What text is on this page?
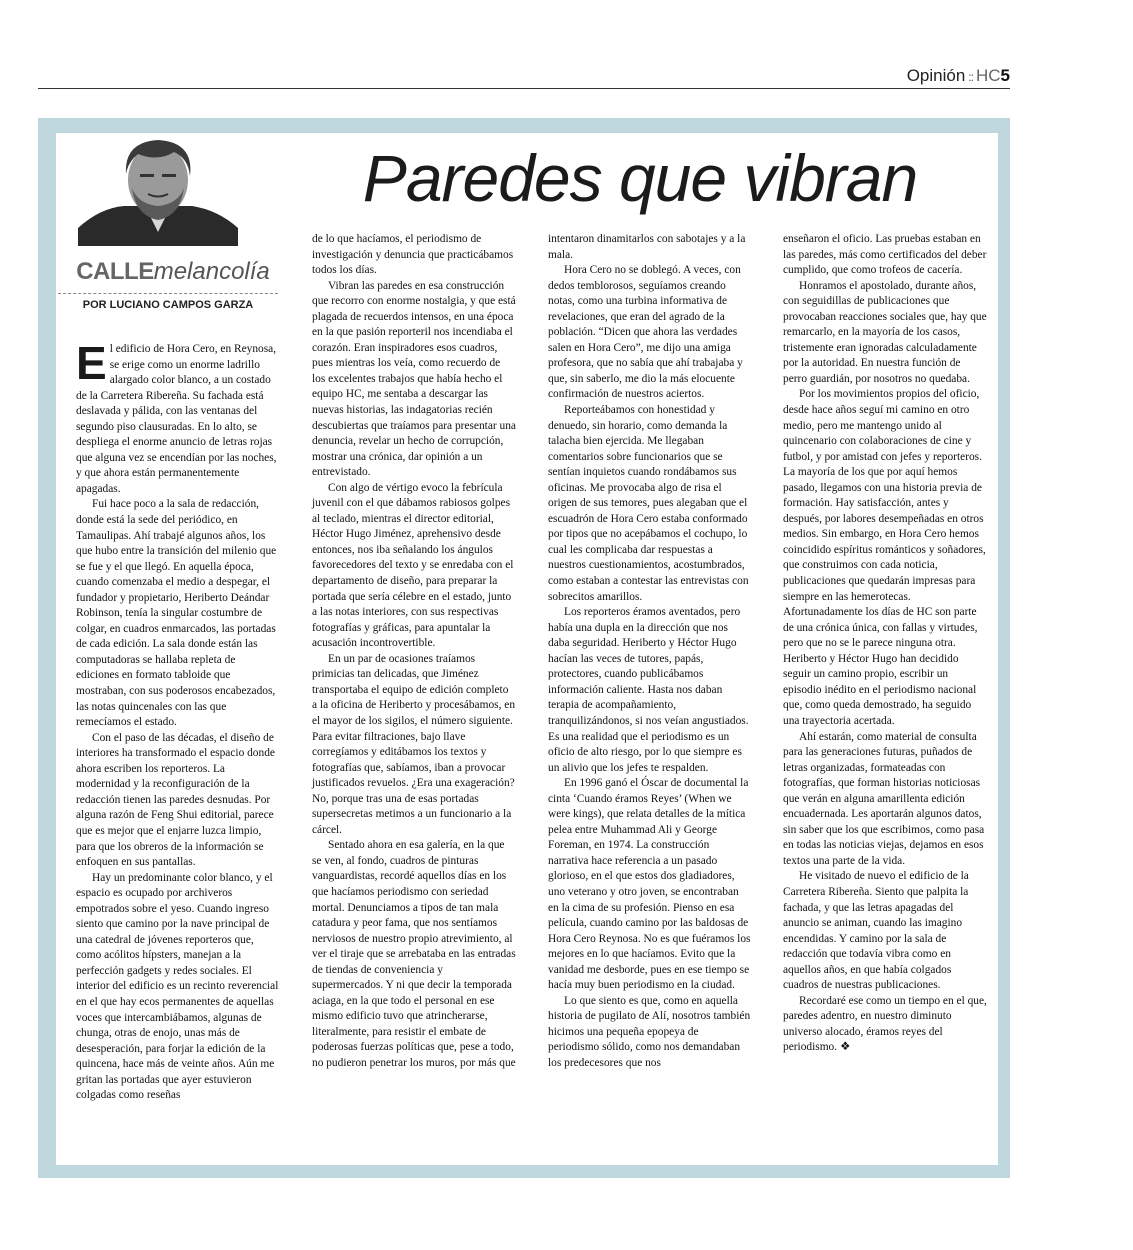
Opinión :: HC5
Paredes que vibran
CALLEmelancolía
POR LUCIANO CAMPOS GARZA

El edificio de Hora Cero, en Reynosa, se erige como un enorme ladrillo alargado color blanco, a un costado de la Carretera Ribereña. Su fachada está deslavada y pálida, con las ventanas del segundo piso clausuradas. En lo alto, se despliega el enorme anuncio de letras rojas que alguna vez se encendían por las noches, y que ahora están permanentemente apagadas.

Fui hace poco a la sala de redacción, donde está la sede del periódico, en Tamaulipas. Ahí trabajé algunos años, los que hubo entre la transición del milenio que se fue y el que llegó. En aquella época, cuando comenzaba el medio a despegar, el fundador y propietario, Heriberto Deándar Robinson, tenía la singular costumbre de colgar, en cuadros enmarcados, las portadas de cada edición. La sala donde están las computadoras se hallaba repleta de ediciones en formato tabloide que mostraban, con sus poderosos encabezados, las notas quincenales con las que remecíamos el estado.

Con el paso de las décadas, el diseño de interiores ha transformado el espacio donde ahora escriben los reporteros. La modernidad y la reconfiguración de la redacción tienen las paredes desnudas. Por alguna razón de Feng Shui editorial, parece que es mejor que el enjarre luzca limpio, para que los obreros de la información se enfoquen en sus pantallas.

Hay un predominante color blanco, y el espacio es ocupado por archiveros empotrados sobre el yeso. Cuando ingreso siento que camino por la nave principal de una catedral de jóvenes reporteros que, como acólitos hípsters, manejan a la perfección gadgets y redes sociales. El interior del edificio es un recinto reverencial en el que hay ecos permanentes de aquellas voces que intercambiábamos, algunas de chunga, otras de enojo, unas más de desesperación, para forjar la edición de la quincena, hace más de veinte años. Aún me gritan las portadas que ayer estuvieron colgadas como reseñas

de lo que hacíamos, el periodismo de investigación y denuncia que practicábamos todos los días.

Vibran las paredes en esa construcción que recorro con enorme nostalgia, y que está plagada de recuerdos intensos, en una época en la que pasión reporteril nos incendiaba el corazón. Eran inspiradores esos cuadros, pues mientras los veía, como recuerdo de los excelentes trabajos que había hecho el equipo HC, me sentaba a descargar las nuevas historias, las indagatorias recién descubiertas que traíamos para presentar una denuncia, revelar un hecho de corrupción, mostrar una crónica, dar opinión a un entrevistado.

Con algo de vértigo evoco la febrícula juvenil con el que dábamos rabiosos golpes al teclado, mientras el director editorial, Héctor Hugo Jiménez, aprehensivo desde entonces, nos iba señalando los ángulos favorecedores del texto y se enredaba con el departamento de diseño, para preparar la portada que sería célebre en el estado, junto a las notas interiores, con sus respectivas fotografías y gráficas, para apuntalar la acusación incontrovertible.

En un par de ocasiones traíamos primicias tan delicadas, que Jiménez transportaba el equipo de edición completo a la oficina de Heriberto y procesábamos, en el mayor de los sigilos, el número siguiente. Para evitar filtraciones, bajo llave corregíamos y editábamos los textos y fotografías que, sabíamos, iban a provocar justificados revuelos. ¿Era una exageración? No, porque tras una de esas portadas supersecretas metimos a un funcionario a la cárcel.

Sentado ahora en esa galería, en la que se ven, al fondo, cuadros de pinturas vanguardistas, recordé aquellos días en los que hacíamos periodismo con seriedad mortal. Denunciamos a tipos de tan mala catadura y peor fama, que nos sentíamos nerviosos de nuestro propio atrevimiento, al ver el tiraje que se arrebataba en las entradas de tiendas de conveniencia y supermercados. Y ni que decir la temporada aciaga, en la que todo el personal en ese mismo edificio tuvo que atrincherarse, literalmente, para resistir el embate de poderosas fuerzas políticas que, pese a todo, no pudieron penetrar los muros, por más que

intentaron dinamitarlos con sabotajes y a la mala.

Hora Cero no se doblegó. A veces, con dedos temblorosos, seguíamos creando notas, como una turbina informativa de revelaciones, que eran del agrado de la población. “Dicen que ahora las verdades salen en Hora Cero”, me dijo una amiga profesora, que no sabía que ahí trabajaba y que, sin saberlo, me dio la más elocuente confirmación de nuestros aciertos.

Reporteábamos con honestidad y denuedo, sin horario, como demanda la talacha bien ejercida. Me llegaban comentarios sobre funcionarios que se sentían inquietos cuando rondábamos sus oficinas. Me provocaba algo de risa el origen de sus temores, pues alegaban que el escuadrón de Hora Cero estaba conformado por tipos que no acepábamos el cochupo, lo cual les complicaba dar respuestas a nuestros cuestionamientos, acostumbrados, como estaban a contestar las entrevistas con sobrecitos amarillos.

Los reporteros éramos aventados, pero había una dupla en la dirección que nos daba seguridad. Heriberto y Héctor Hugo hacían las veces de tutores, papás, protectores, cuando publicábamos información caliente. Hasta nos daban terapia de acompañamiento, tranquilizándonos, si nos veían angustiados. Es una realidad que el periodismo es un oficio de alto riesgo, por lo que siempre es un alivio que los jefes te respalden.

En 1996 ganó el Óscar de documental la cinta ‘Cuando éramos Reyes’ (When we were kings), que relata detalles de la mítica pelea entre Muhammad Ali y George Foreman, en 1974. La construcción narrativa hace referencia a un pasado glorioso, en el que estos dos gladiadores, uno veterano y otro joven, se encontraban en la cima de su profesión. Pienso en esa película, cuando camino por las baldosas de Hora Cero Reynosa. No es que fuéramos los mejores en lo que hacíamos. Evito que la vanidad me desborde, pues en ese tiempo se hacía muy buen periodismo en la ciudad.

Lo que siento es que, como en aquella historia de pugilato de Alí, nosotros también hicimos una pequeña epopeya de periodismo sólido, como nos demandaban los predecesores que nos

enseñaron el oficio. Las pruebas estaban en las paredes, más como certificados del deber cumplido, que como trofeos de cacería.

Honramos el apostolado, durante años, con seguidillas de publicaciones que provocaban reacciones sociales que, hay que remarcarlo, en la mayoría de los casos, tristemente eran ignoradas calculadamente por la autoridad. En nuestra función de perro guardián, por nosotros no quedaba.

Por los movimientos propios del oficio, desde hace años seguí mi camino en otro medio, pero me mantengo unido al quincenario con colaboraciones de cine y futbol, y por amistad con jefes y reporteros. La mayoría de los que por aquí hemos pasado, llegamos con una historia previa de formación. Hay satisfacción, antes y después, por labores desempeñadas en otros medios. Sin embargo, en Hora Cero hemos coincidido espíritus románticos y soñadores, que construimos con cada noticia, publicaciones que quedarán impresas para siempre en las hemerotecas. Afortunadamente los días de HC son parte de una crónica única, con fallas y virtudes, pero que no se le parece ninguna otra. Heriberto y Héctor Hugo han decidido seguir un camino propio, escribir un episodio inédito en el periodismo nacional que, como queda demostrado, ha seguido una trayectoria acertada.

Ahí estarán, como material de consulta para las generaciones futuras, puñados de letras organizadas, formateadas con fotografías, que forman historias noticiosas que verán en alguna amarillenta edición encuadernada. Les aportarán algunos datos, sin saber que los que escribimos, como pasa en todas las noticias viejas, dejamos en esos textos una parte de la vida.

He visitado de nuevo el edificio de la Carretera Ribereña. Siento que palpita la fachada, y que las letras apagadas del anuncio se animan, cuando las imagino encendidas. Y camino por la sala de redacción que todavía vibra como en aquellos años, en que había colgados cuadros de nuestras publicaciones.

Recordaré ese como un tiempo en el que, paredes adentro, en nuestro diminuto universo alocado, éramos reyes del periodismo. ❖
